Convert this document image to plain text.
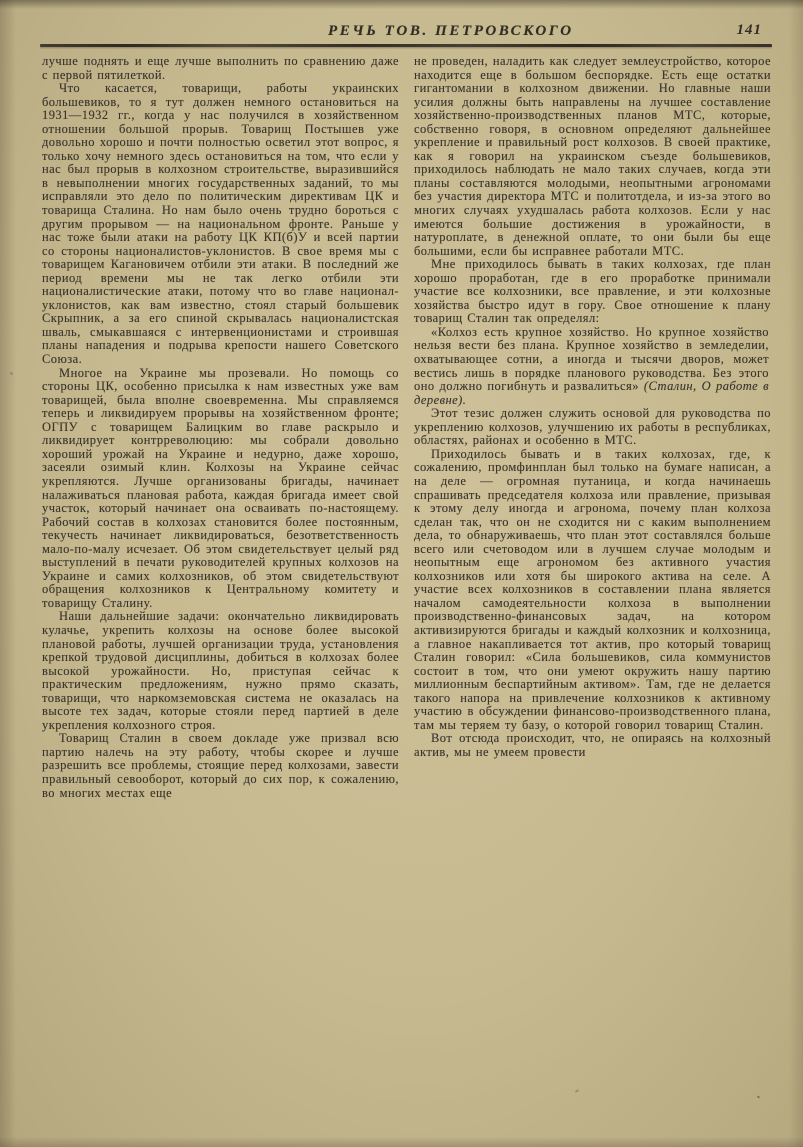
РЕЧЬ ТОВ. ПЕТРОВСКОГО	141

лучше поднять и еще лучше выполнить по сравнению даже с первой пятилеткой.

Что касается, товарищи, работы украинских большевиков, то я тут должен немного остановиться на 1931—1932 гг., когда у нас получился в хозяйственном отношении большой прорыв. Товарищ Постышев уже довольно хорошо и почти полностью осветил этот вопрос, я только хочу немного здесь остановиться на том, что если у нас был прорыв в колхозном строительстве, выразившийся в невыполнении многих государственных заданий, то мы исправляли это дело по политическим директивам ЦК и товарища Сталина. Но нам было очень трудно бороться с другим прорывом — на национальном фронте. Раньше у нас тоже были атаки на работу ЦК КП(б)У и всей партии со стороны националистов-уклонистов. В свое время мы с товарищем Кагановичем отбили эти атаки. В последний же период времени мы не так легко отбили эти националистические атаки, потому что во главе национал-уклонистов, как вам известно, стоял старый большевик Скрыпник, а за его спиной скрывалась националистская шваль, смыкавшаяся с интервенционистами и строившая планы нападения и подрыва крепости нашего Советского Союза.

Многое на Украине мы прозевали. Но помощь со стороны ЦК, особенно присылка к нам известных уже вам товарищей, была вполне своевременна. Мы справляемся теперь и ликвидируем прорывы на хозяйственном фронте; ОГПУ с товарищем Балицким во главе раскрыло и ликвидирует контрреволюцию: мы собрали довольно хороший урожай на Украине и недурно, даже хорошо, засеяли озимый клин. Колхозы на Украине сейчас укрепляются. Лучше организованы бригады, начинает налаживаться плановая работа, каждая бригада имеет свой участок, который начинает она осваивать по-настоящему. Рабочий состав в колхозах становится более постоянным, текучесть начинает ликвидироваться, безответственность мало-по-малу исчезает. Об этом свидетельствует целый ряд выступлений в печати руководителей крупных колхозов на Украине и самих колхозников, об этом свидетельствуют обращения колхозников к Центральному комитету и товарищу Сталину.

Наши дальнейшие задачи: окончательно ликвидировать кулачье, укрепить колхозы на основе более высокой плановой работы, лучшей организации труда, установления крепкой трудовой дисциплины, добиться в колхозах более высокой урожайности. Но, приступая сейчас к практическим предложениям, нужно прямо сказать, товарищи, что наркомземовская система не оказалась на высоте тех задач, которые стояли перед партией в деле укрепления колхозного строя.

Товарищ Сталин в своем докладе уже призвал всю партию налечь на эту работу, чтобы скорее и лучше разрешить все проблемы, стоящие перед колхозами, завести правильный севооборот, который до сих пор, к сожалению, во многих местах еще

не проведен, наладить как следует землеустройство, которое находится еще в большом беспорядке. Есть еще остатки гигантомании в колхозном движении. Но главные наши усилия должны быть направлены на лучшее составление хозяйственно-производственных планов МТС, которые, собственно говоря, в основном определяют дальнейшее укрепление и правильный рост колхозов. В своей практике, как я говорил на украинском съезде большевиков, приходилось наблюдать не мало таких случаев, когда эти планы составляются молодыми, неопытными агрономами без участия директора МТС и политотдела, и из-за этого во многих случаях ухудшалась работа колхозов. Если у нас имеются большие достижения в урожайности, в натуроплате, в денежной оплате, то они были бы еще большими, если бы исправнее работали МТС.

Мне приходилось бывать в таких колхозах, где план хорошо проработан, где в его проработке принимали участие все колхозники, все правление, и эти колхозные хозяйства быстро идут в гору. Свое отношение к плану товарищ Сталин так определял:

«Колхоз есть крупное хозяйство. Но крупное хозяйство нельзя вести без плана. Крупное хозяйство в земледелии, охватывающее сотни, а иногда и тысячи дворов, может вестись лишь в порядке планового руководства. Без этого оно должно погибнуть и развалиться» (Сталин, О работе в деревне).

Этот тезис должен служить основой для руководства по укреплению колхозов, улучшению их работы в республиках, областях, районах и особенно в МТС.

Приходилось бывать и в таких колхозах, где, к сожалению, промфинплан был только на бумаге написан, а на деле — огромная путаница, и когда начинаешь спрашивать председателя колхоза или правление, призывая к этому делу иногда и агронома, почему план колхоза сделан так, что он не сходится ни с каким выполнением дела, то обнаруживаешь, что план этот составлялся больше всего или счетоводом или в лучшем случае молодым и неопытным еще агрономом без активного участия колхозников или хотя бы широкого актива на селе. А участие всех колхозников в составлении плана является началом самодеятельности колхоза в выполнении производственно-финансовых задач, на котором активизируются бригады и каждый колхозник и колхозница, а главное накапливается тот актив, про который товарищ Сталин говорил: «Сила большевиков, сила коммунистов состоит в том, что они умеют окружить нашу партию миллионным беспартийным активом». Там, где не делается такого напора на привлечение колхозников к активному участию в обсуждении финансово-производственного плана, там мы теряем ту базу, о которой говорил товарищ Сталин.

Вот отсюда происходит, что, не опираясь на колхозный актив, мы не умеем провести
